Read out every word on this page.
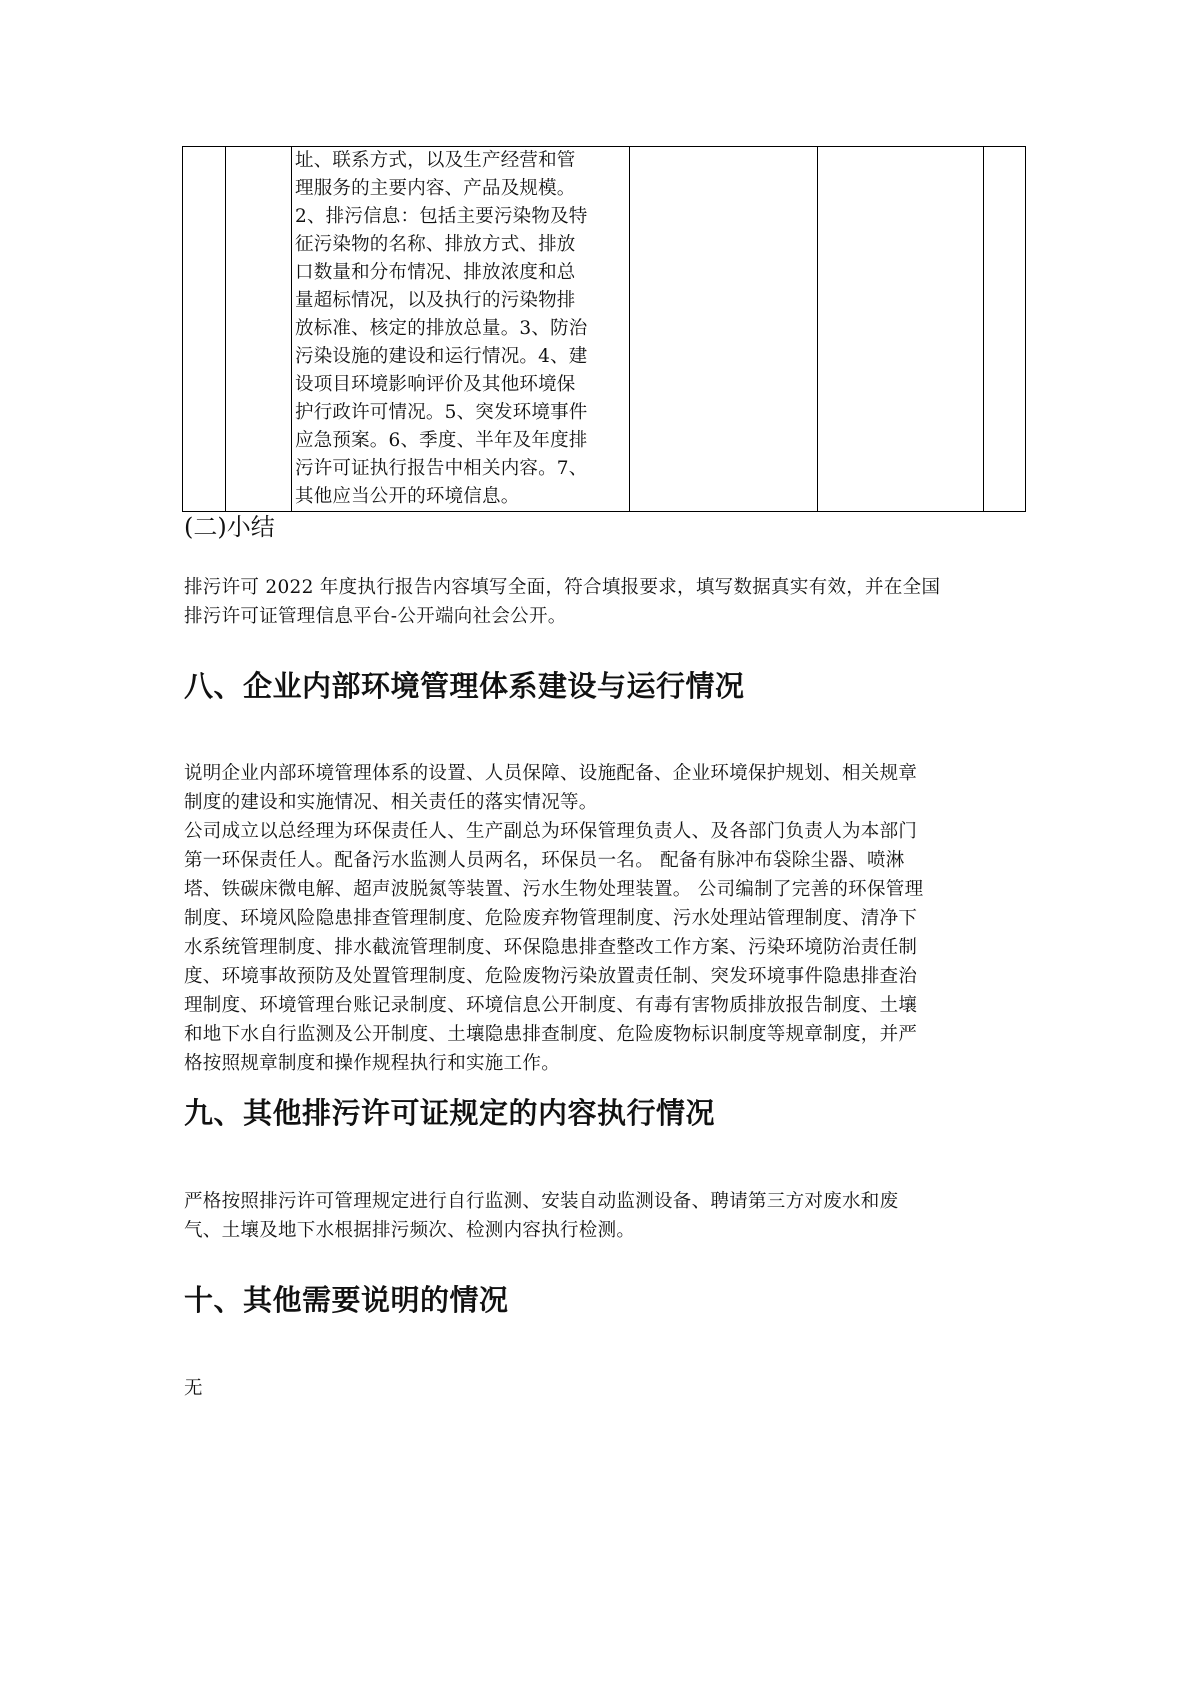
址、联系方式，以及生产经营和管
理服务的主要内容、产品及规模。
2、排污信息：包括主要污染物及特
征污染物的名称、排放方式、排放
口数量和分布情况、排放浓度和总
量超标情况，以及执行的污染物排
放标准、核定的排放总量。3、防治
污染设施的建设和运行情况。4、建
设项目环境影响评价及其他环境保
护行政许可情况。5、突发环境事件
应急预案。6、季度、半年及年度排
污许可证执行报告中相关内容。7、
其他应当公开的环境信息。

(二)小结
排污许可 2022 年度执行报告内容填写全面，符合填报要求，填写数据真实有效，并在全国
排污许可证管理信息平台-公开端向社会公开。
八、企业内部环境管理体系建设与运行情况
说明企业内部环境管理体系的设置、人员保障、设施配备、企业环境保护规划、相关规章
制度的建设和实施情况、相关责任的落实情况等。
公司成立以总经理为环保责任人、生产副总为环保管理负责人、及各部门负责人为本部门
第一环保责任人。配备污水监测人员两名，环保员一名。 配备有脉冲布袋除尘器、喷淋
塔、铁碳床微电解、超声波脱氮等装置、污水生物处理装置。 公司编制了完善的环保管理
制度、环境风险隐患排查管理制度、危险废弃物管理制度、污水处理站管理制度、清净下
水系统管理制度、排水截流管理制度、环保隐患排查整改工作方案、污染环境防治责任制
度、环境事故预防及处置管理制度、危险废物污染放置责任制、突发环境事件隐患排查治
理制度、环境管理台账记录制度、环境信息公开制度、有毒有害物质排放报告制度、土壤
和地下水自行监测及公开制度、土壤隐患排查制度、危险废物标识制度等规章制度，并严
格按照规章制度和操作规程执行和实施工作。
九、其他排污许可证规定的内容执行情况
严格按照排污许可管理规定进行自行监测、安装自动监测设备、聘请第三方对废水和废
气、土壤及地下水根据排污频次、检测内容执行检测。
十、其他需要说明的情况
无
